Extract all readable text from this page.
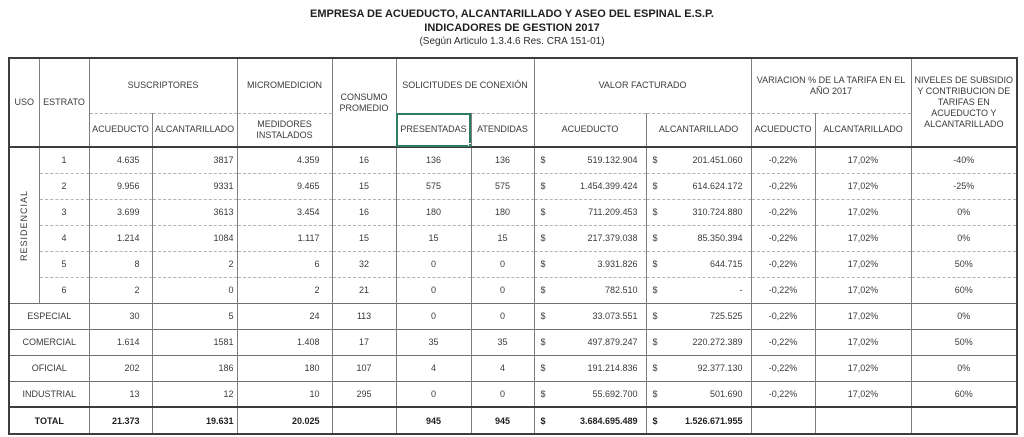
EMPRESA DE ACUEDUCTO, ALCANTARILLADO Y ASEO DEL ESPINAL E.S.P.
INDICADORES DE GESTION 2017
(Según Articulo 1.3.4.6 Res. CRA 151-01)
USO	ESTRATO	SUSCRIPTORES		MICROMEDICION	CONSUMO PROMEDIO	SOLICITUDES DE CONEXIÓN		VALOR FACTURADO		VARIACION % DE LA TARIFA EN EL AÑO 2017		NIVELES DE SUBSIDIO Y CONTRIBUCION DE TARIFAS EN ACUEDUCTO Y ALCANTARILLADO
		ACUEDUCTO	ALCANTARILLADO	MEDIDORES INSTALADOS		PRESENTADAS	ATENDIDAS	ACUEDUCTO	ALCANTARILLADO	ACUEDUCTO	ALCANTARILLADO	

RESIDENCIAL	1	4.635	3817	4.359	16	136	136	$ 519.132.904	$ 201.451.060	-0,22%	17,02%	-40%
	2	9.956	9331	9.465	15	575	575	$ 1.454.399.424	$ 614.624.172	-0,22%	17,02%	-25%
	3	3.699	3613	3.454	16	180	180	$ 711.209.453	$ 310.724.880	-0,22%	17,02%	0%
	4	1.214	1084	1.117	15	15	15	$ 217.379.038	$ 85.350.394	-0,22%	17,02%	0%
	5	8	2	6	32	0	0	$ 3.931.826	$ 644.715	-0,22%	17,02%	50%
	6	2	0	2	21	0	0	$ 782.510	$ -	-0,22%	17,02%	60%
ESPECIAL		30	5	24	113	0	0	$ 33.073.551	$ 725.525	-0,22%	17,02%	0%
COMERCIAL		1.614	1581	1.408	17	35	35	$ 497.879.247	$ 220.272.389	-0,22%	17,02%	50%
OFICIAL		202	186	180	107	4	4	$ 191.214.836	$ 92.377.130	-0,22%	17,02%	0%
INDUSTRIAL		13	12	10	295	0	0	$ 55.692.700	$ 501.690	-0,22%	17,02%	60%
TOTAL		21.373	19.631	20.025		945	945	$ 3.684.695.489	$ 1.526.671.955			
